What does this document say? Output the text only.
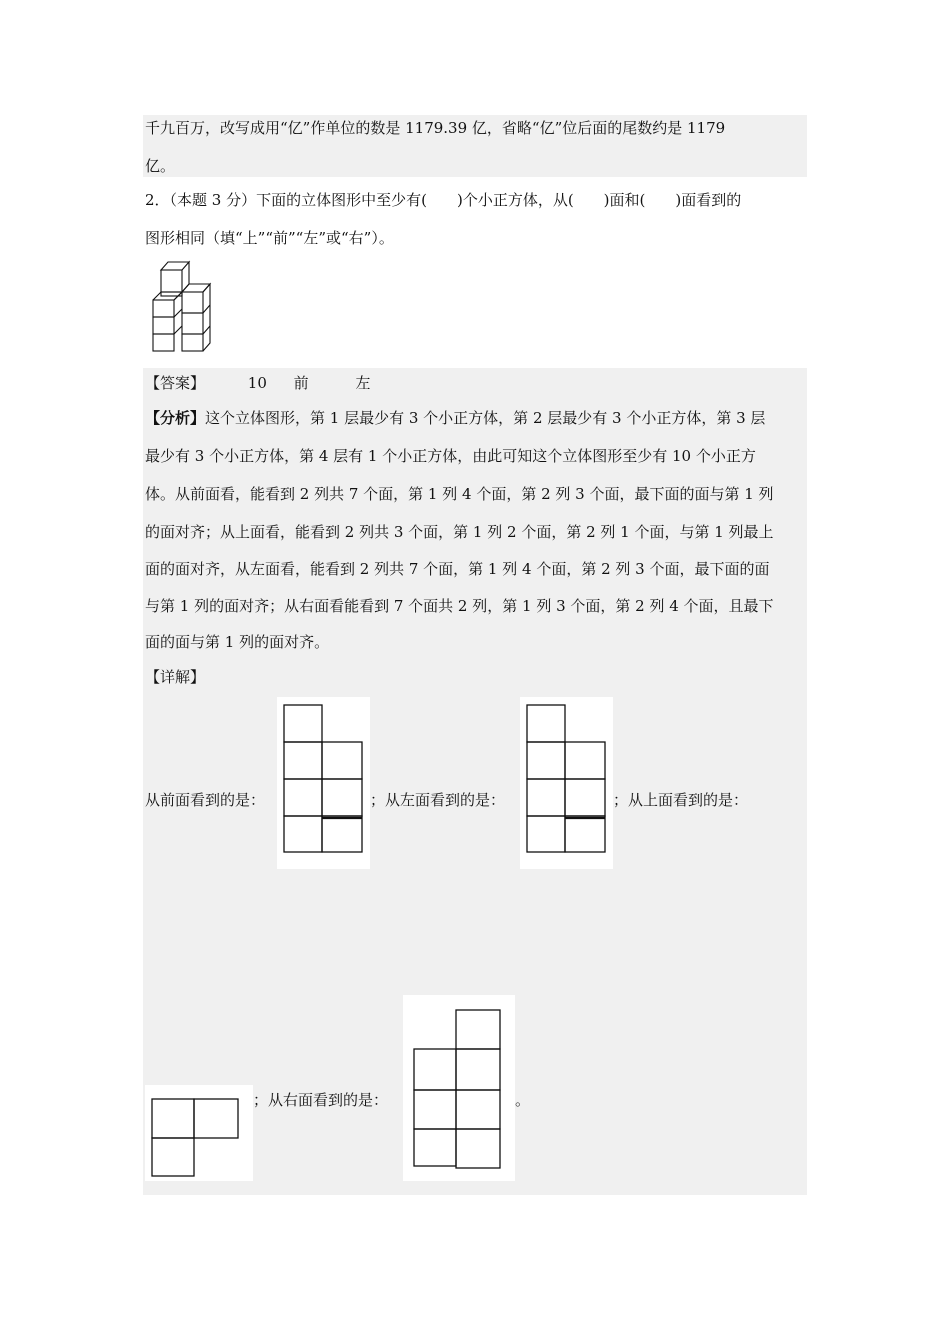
千九百万，改写成用“亿”作单位的数是 1179.39 亿，省略“亿”位后面的尾数约是 1179
亿。
2．（本题 3 分）下面的立体图形中至少有(　　)个小正方体，从(　　)面和(　　)面看到的
图形相同（填“上”“前”“左”或“右”）。
【答案】	10 前	左
【分析】这个立体图形，第 1 层最少有 3 个小正方体，第 2 层最少有 3 个小正方体，第 3 层
最少有 3 个小正方体，第 4 层有 1 个小正方体，由此可知这个立体图形至少有 10 个小正方
体。从前面看，能看到 2 列共 7 个面，第 1 列 4 个面，第 2 列 3 个面，最下面的面与第 1 列
的面对齐；从上面看，能看到 2 列共 3 个面，第 1 列 2 个面，第 2 列 1 个面，与第 1 列最上
面的面对齐，从左面看，能看到 2 列共 7 个面，第 1 列 4 个面，第 2 列 3 个面，最下面的面
与第 1 列的面对齐；从右面看能看到 7 个面共 2 列，第 1 列 3 个面，第 2 列 4 个面，且最下
面的面与第 1 列的面对齐。
【详解】
从前面看到的是：	；从左面看到的是：	；从上面看到的是：
；从右面看到的是：	。
